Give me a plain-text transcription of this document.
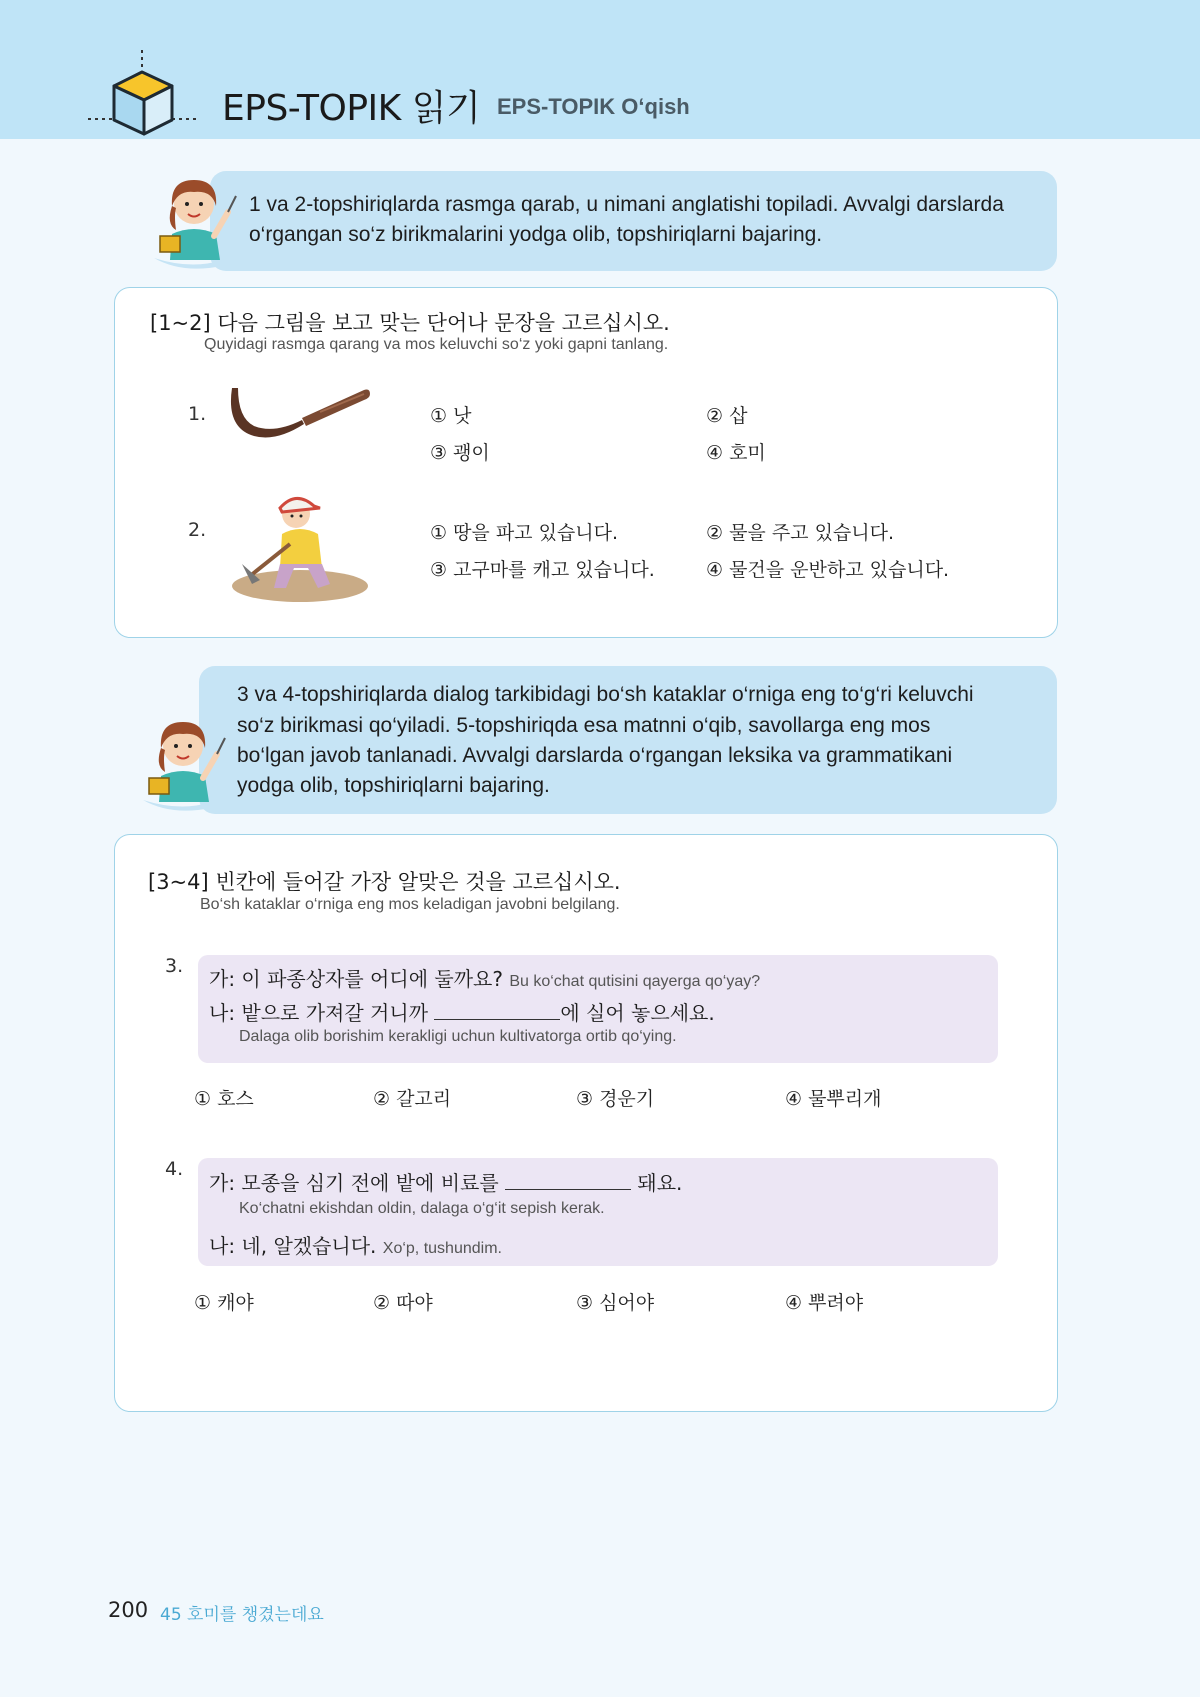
EPS-TOPIK 읽기 EPS-TOPIK O‘qish
1 va 2-topshiriqlarda rasmga qarab, u nimani anglatishi topiladi. Avvalgi darslarda o‘rgangan so‘z birikmalarini yodga olib, topshiriqlarni bajaring.
[1~2] 다음 그림을 보고 맞는 단어나 문장을 고르십시오.
Quyidagi rasmga qarang va mos keluvchi so‘z yoki gapni tanlang.
1.	① 낫	② 삽
③ 괭이	④ 호미
2.	① 땅을 파고 있습니다.	② 물을 주고 있습니다.
③ 고구마를 캐고 있습니다.	④ 물건을 운반하고 있습니다.
3 va 4-topshiriqlarda dialog tarkibidagi bo‘sh kataklar o‘rniga eng to‘g‘ri keluvchi
so‘z birikmasi qo‘yiladi. 5-topshiriqda esa matnni o‘qib, savollarga eng mos
bo‘lgan javob tanlanadi. Avvalgi darslarda o‘rgangan leksika va grammatikani
yodga olib, topshiriqlarni bajaring.
[3~4] 빈칸에 들어갈 가장 알맞은 것을 고르십시오.
Bo‘sh kataklar o‘rniga eng mos keladigan javobni belgilang.
3.
가: 이 파종상자를 어디에 둘까요? Bu ko‘chat qutisini qayerga qo‘yay?
나: 밭으로 가져갈 거니까	에 실어 놓으세요.
Dalaga olib borishim kerakligi uchun kultivatorga ortib qo‘ying.
① 호스	② 갈고리	③ 경운기	④ 물뿌리개
4.
가: 모종을 심기 전에 밭에 비료를	돼요.
Ko‘chatni ekishdan oldin, dalaga o‘g‘it sepish kerak.
나: 네, 알겠습니다. Xo‘p, tushundim.
① 캐야	② 따야	③ 심어야	④ 뿌려야
200 45 호미를 챙겼는데요
